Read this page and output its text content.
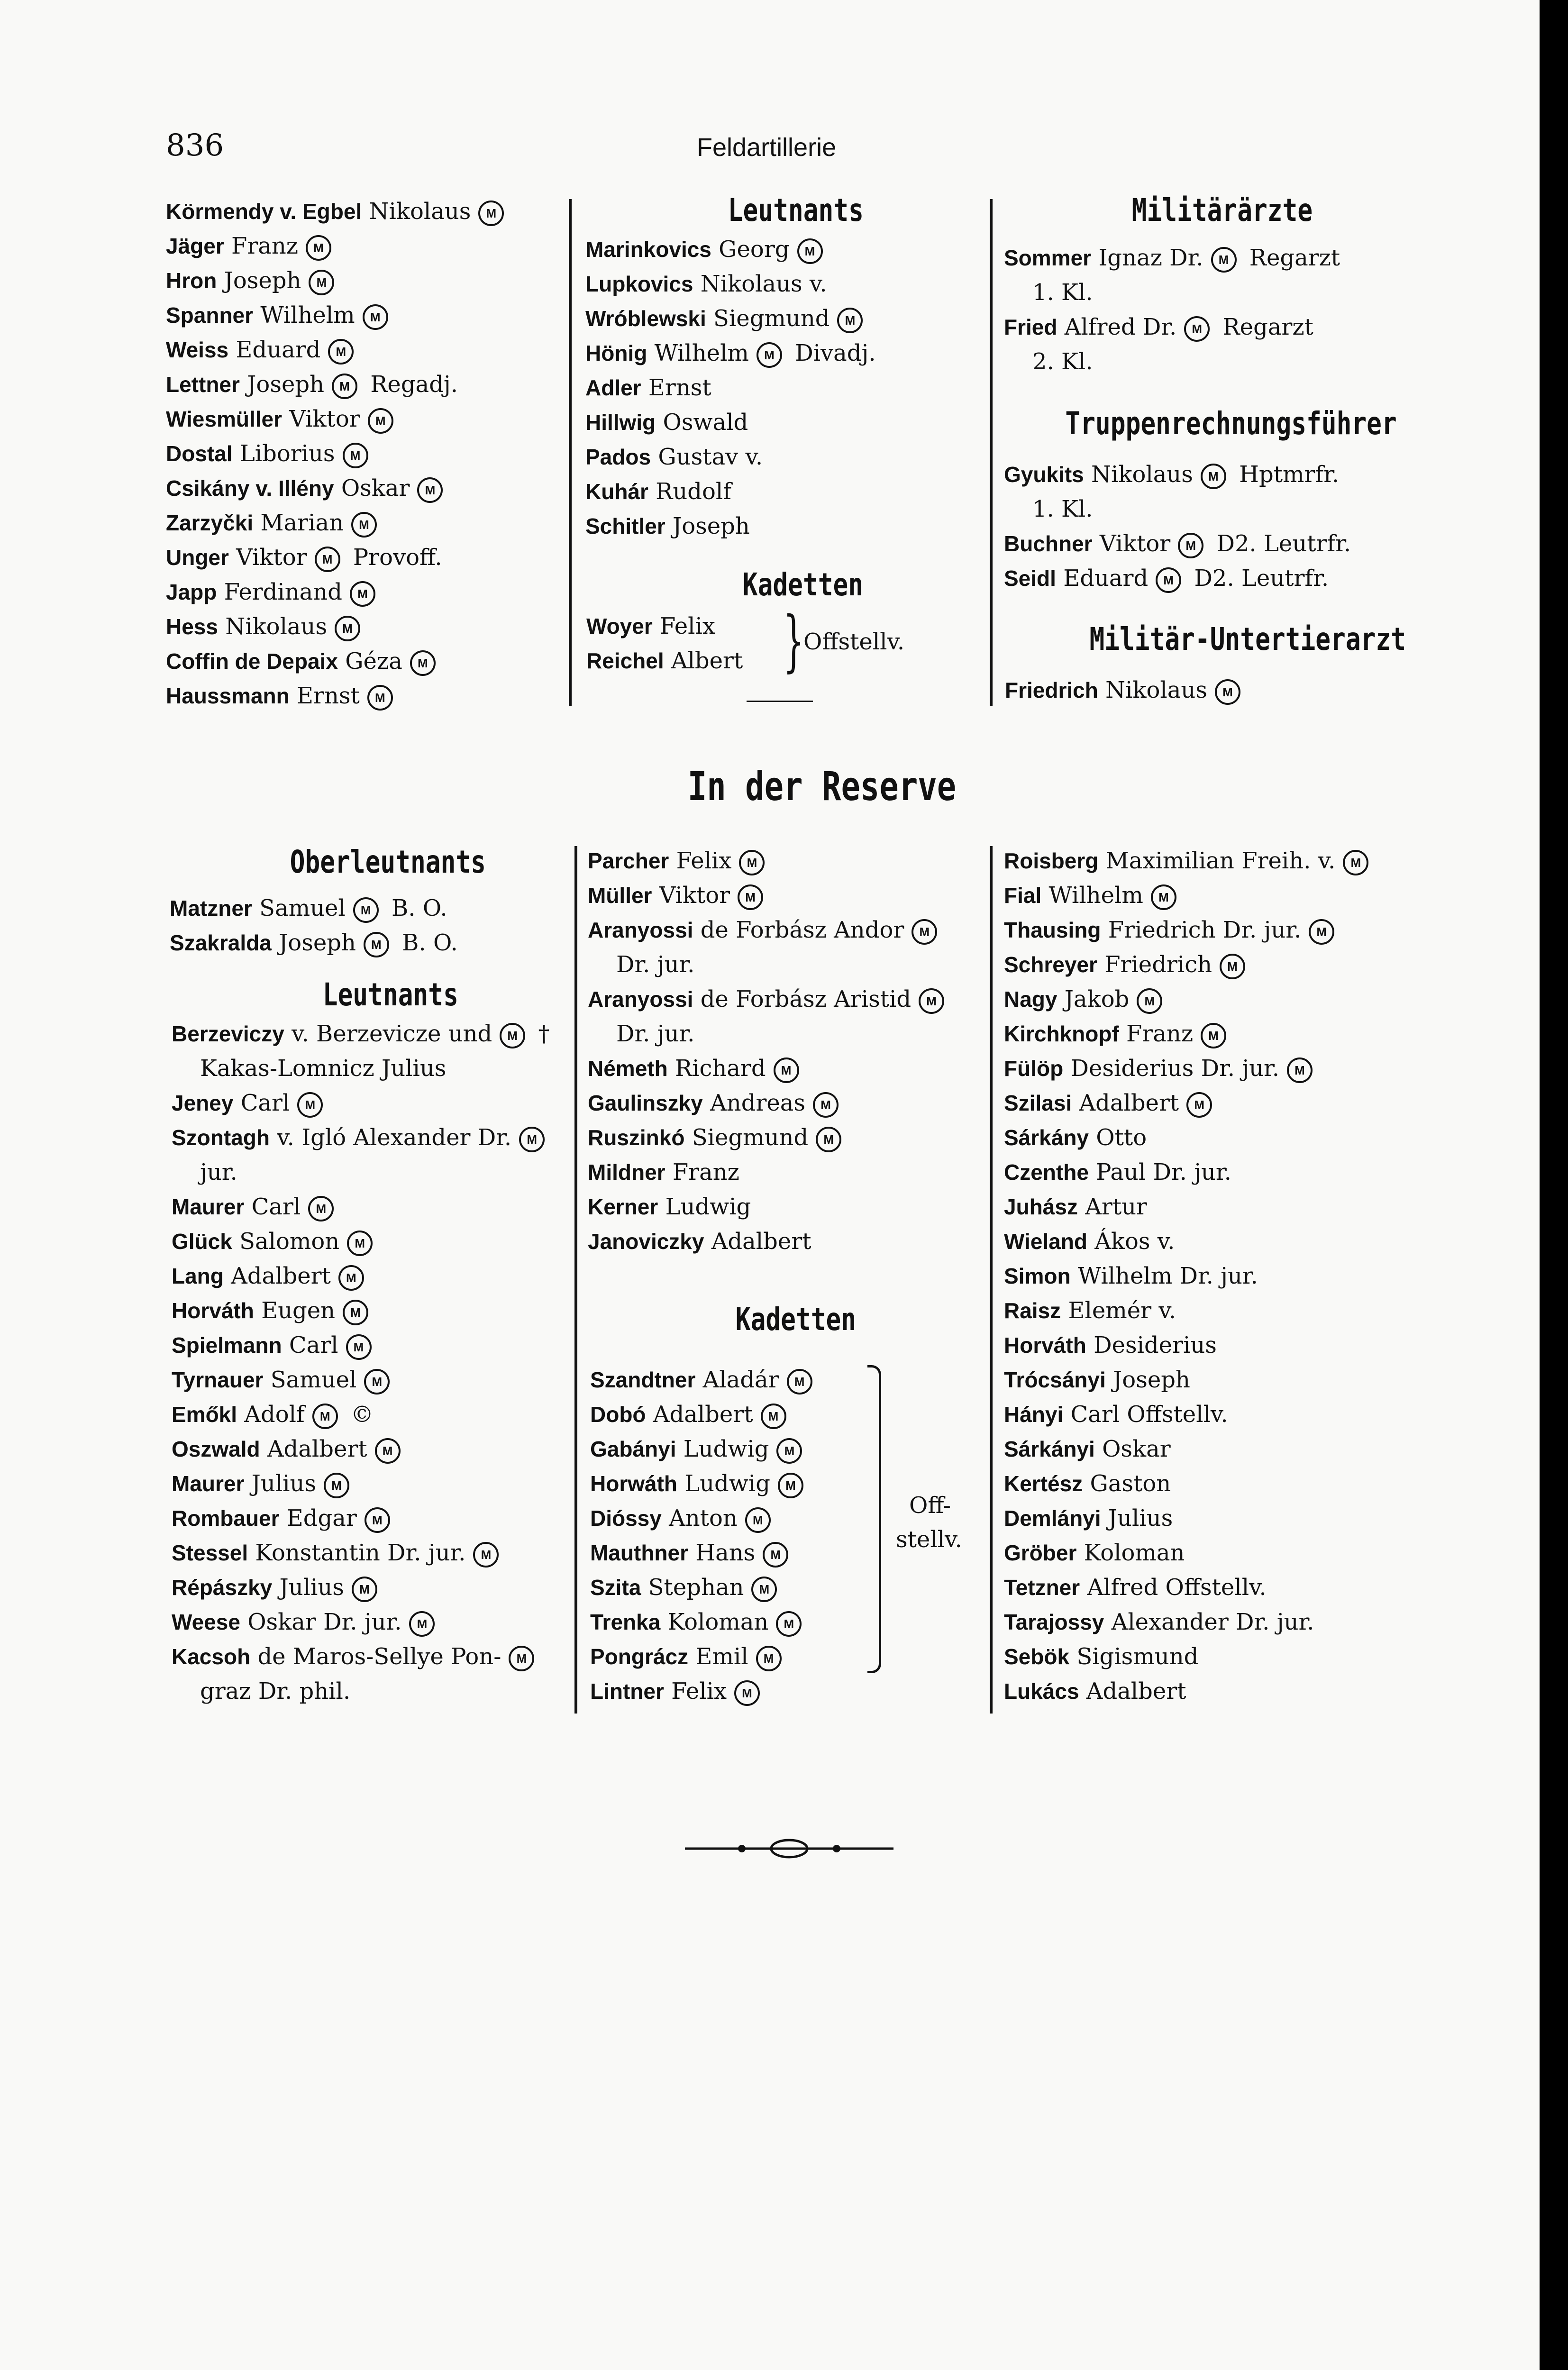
836	Feldartillerie
Körmendy v. Egbel Nikolaus M
Jäger Franz M
Hron Joseph M
Spanner Wilhelm M
Weiss Eduard M
Lettner Joseph M Regadj.
Wiesmüller Viktor M
Dostal Liborius M
Csikány v. Illény Oskar M
Zarzyčki Marian M
Unger Viktor M Provoff.
Japp Ferdinand M
Hess Nikolaus M
Coffin de Depaix Géza M
Haussmann Ernst M
Leutnants
Marinkovics Georg M
Lupkovics Nikolaus v.
Wróblewski Siegmund M
Hönig Wilhelm M Divadj.
Adler Ernst
Hillwig Oswald
Pados Gustav v.
Kuhár Rudolf
Schitler Joseph
Kadetten
Woyer Felix
Reichel Albert }
Offstellv.
Militärärzte
Sommer Ignaz Dr. M Regarzt
1. Kl.
Fried Alfred Dr. M Regarzt
2. Kl.
Truppenrechnungsführer
Gyukits Nikolaus M Hptmrfr.
1. Kl.
Buchner Viktor M D2. Leutrfr.
Seidl Eduard M D2. Leutrfr.
Militär-Untertierarzt
Friedrich Nikolaus M
In der Reserve
Oberleutnants
Matzner Samuel M B. O.
Szakralda Joseph M B. O.
Leutnants
Berzeviczy v. Berzevicze und M †
Kakas-Lomnicz Julius
Jeney Carl M
Szontagh v. Igló Alexander Dr. M
jur.
Maurer Carl M
Glück Salomon M
Lang Adalbert M
Horváth Eugen M
Spielmann Carl M
Tyrnauer Samuel M
Emőkl Adolf M ©
Oszwald Adalbert M
Maurer Julius M
Rombauer Edgar M
Stessel Konstantin Dr. jur. M
Répászky Julius M
Weese Oskar Dr. jur. M
Kacsoh de Maros-Sellye Pon- M
graz Dr. phil.
Parcher Felix M
Müller Viktor M
Aranyossi de Forbász Andor M
Dr. jur.
Aranyossi de Forbász Aristid M
Dr. jur.
Németh Richard M
Gaulinszky Andreas M
Ruszinkó Siegmund M
Mildner Franz
Kerner Ludwig
Janoviczky Adalbert
Kadetten
Szandtner Aladár M
Dobó Adalbert M
Gabányi Ludwig M
Horwáth Ludwig M
Dióssy Anton M
Mauthner Hans M
Szita Stephan M
Trenka Koloman M
Pongrácz Emil M
Lintner Felix M
Off-
stellv.
Roisberg Maximilian Freih. v. M
Fial Wilhelm M
Thausing Friedrich Dr. jur. M
Schreyer Friedrich M
Nagy Jakob M
Kirchknopf Franz M
Fülöp Desiderius Dr. jur. M
Szilasi Adalbert M
Sárkány Otto
Czenthe Paul Dr. jur.
Juhász Artur
Wieland Ákos v.
Simon Wilhelm Dr. jur.
Raisz Elemér v.
Horváth Desiderius
Trócsányi Joseph
Hányi Carl Offstellv.
Sárkányi Oskar
Kertész Gaston
Demlányi Julius
Gröber Koloman
Tetzner Alfred Offstellv.
Tarajossy Alexander Dr. jur.
Sebök Sigismund
Lukács Adalbert
